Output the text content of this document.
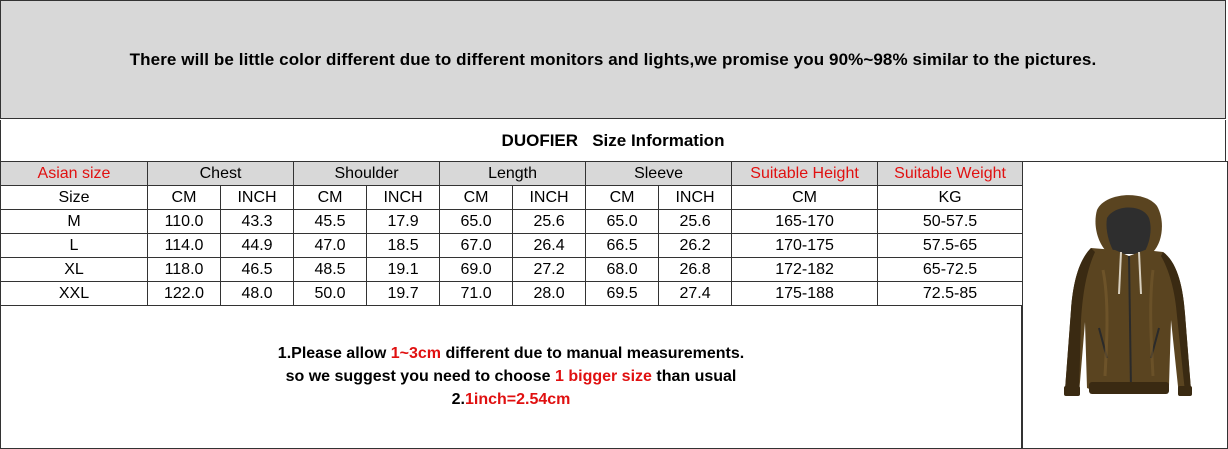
There will be little color different due to different monitors and lights,we promise you 90%~98% similar to the pictures.
DUOFIER   Size Information
Asian size	Chest		Shoulder		Length		Sleeve		Suitable Height	Suitable Weight
Size	CM	INCH	CM	INCH	CM	INCH	CM	INCH	CM	KG
M	110.0	43.3	45.5	17.9	65.0	25.6	65.0	25.6	165-170	50-57.5
L	114.0	44.9	47.0	18.5	67.0	26.4	66.5	26.2	170-175	57.5-65
XL	118.0	46.5	48.5	19.1	69.0	27.2	68.0	26.8	172-182	65-72.5
XXL	122.0	48.0	50.0	19.7	71.0	28.0	69.5	27.4	175-188	72.5-85
1.Please allow 1~3cm different due to manual measurements.
so we suggest you need to choose 1 bigger size than usual
2.1inch=2.54cm
